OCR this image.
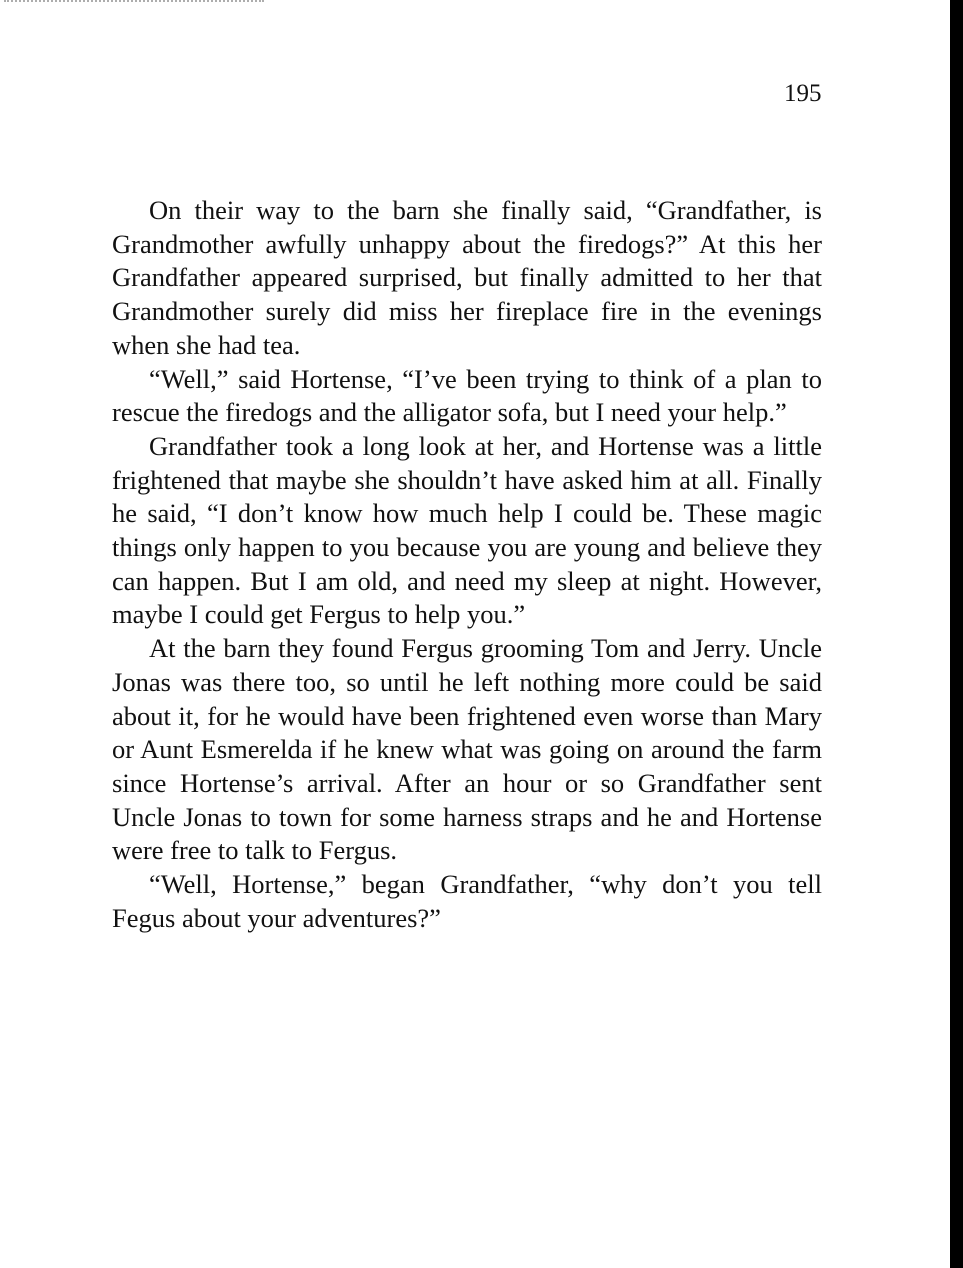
195

On their way to the barn she finally said, “Grandfather, is Grandmother awfully unhappy about the firedogs?” At this her Grandfather appeared surprised, but finally admitted to her that Grandmother surely did miss her fireplace fire in the evenings when she had tea.

“Well,” said Hortense, “I’ve been trying to think of a plan to rescue the firedogs and the alligator sofa, but I need your help.”

Grandfather took a long look at her, and Hortense was a little frightened that maybe she shouldn’t have asked him at all. Finally he said, “I don’t know how much help I could be. These magic things only happen to you because you are young and believe they can happen. But I am old, and need my sleep at night. However, maybe I could get Fergus to help you.”

At the barn they found Fergus grooming Tom and Jerry. Uncle Jonas was there too, so until he left nothing more could be said about it, for he would have been frightened even worse than Mary or Aunt Esmerelda if he knew what was going on around the farm since Hortense’s arrival. After an hour or so Grandfather sent Uncle Jonas to town for some harness straps and he and Hortense were free to talk to Fergus.

“Well, Hortense,” began Grandfather, “why don’t you tell Fegus about your adventures?”
